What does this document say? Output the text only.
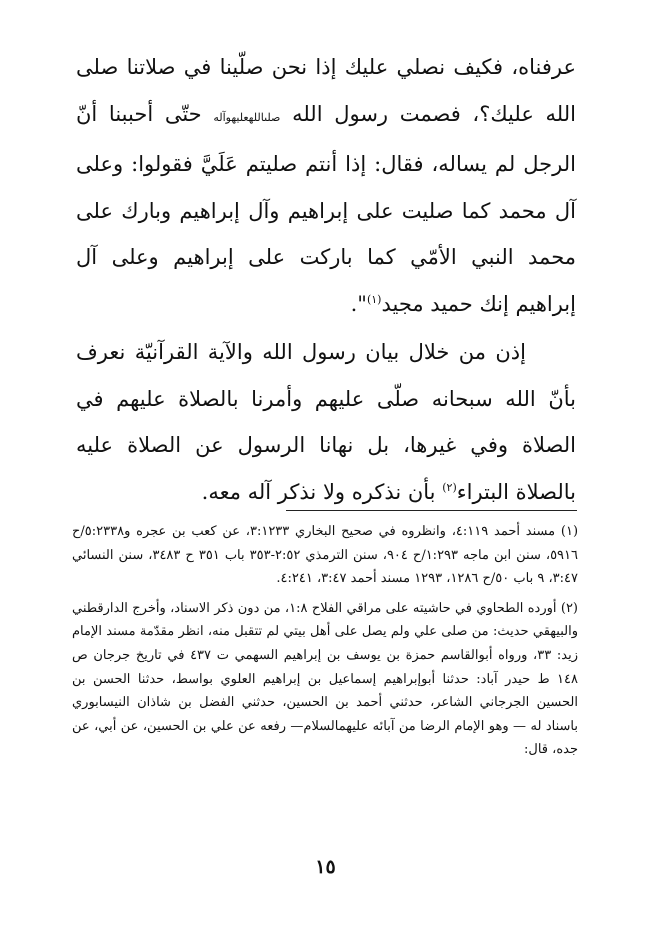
عرفناه، فكيف نصلي عليك إذا نحن صلّينا في صلاتنا صلى الله عليك؟، فصمت رسول الله صلىاللهعليهوآله حتّى أحببنا أنّ الرجل لم يساله، فقال: إذا أنتم صليتم عَلَيَّ فقولوا: وعلى آل محمد كما صليت على إبراهيم وآل إبراهيم وبارك على محمد النبي الأمّي كما باركت على إبراهيم وعلى آل إبراهيم إنك حميد مجيد$^{(١)}$".

إذن من خلال بيان رسول الله والآية القرآنيّة نعرف بأنّ الله سبحانه صلّى عليهم وأمرنا بالصلاة عليهم في الصلاة وفي غيرها، بل نهانا الرسول عن الصلاة عليه بالصلاة البتراء$^{(٢)}$ بأن نذكره ولا نذكر آله معه.

(١) مسند أحمد ٤:١١٩، وانظروه في صحيح البخاري ٣:١٢٣٣، عن كعب بن عجره و٥:٢٣٣٨/ح ٥٩١٦، سنن ابن ماجه ١:٢٩٣/ح ٩٠٤، سنن الترمذي ٢:٥٢-٣٥٣ باب ٣٥١ ح ٣٤٨٣، سنن النسائي ٣:٤٧، ٩ باب ٥٠/ح ١٢٨٦، ١٢٩٣ مسند أحمد ٣:٤٧، ٤:٢٤١.

(٢) أورده الطحاوي في حاشيته على مراقي الفلاح ١:٨، من دون ذكر الاسناد، وأخرج الدارقطني والبيهقي حديث: من صلى علي ولم يصل على أهل بيتي لم تتقبل منه، انظر مقدّمة مسند الإمام زيد: ٣٣، ورواه أبوالقاسم حمزة بن يوسف بن إبراهيم السهمي ت ٤٣٧ في تاريخ جرجان ص ١٤٨ ط حيدر آباد: حدثنا أبوإبراهيم إسماعيل بن إبراهيم العلوي بواسط، حدثنا الحسن بن الحسين الجرجاني الشاعر، حدثني أحمد بن الحسين، حدثني الفضل بن شاذان النيسابوري باسناد له — وهو الإمام الرضا من آبائه عليهمالسلام— رفعه عن علي بن الحسين، عن أبي، عن جده، قال:

١٥
